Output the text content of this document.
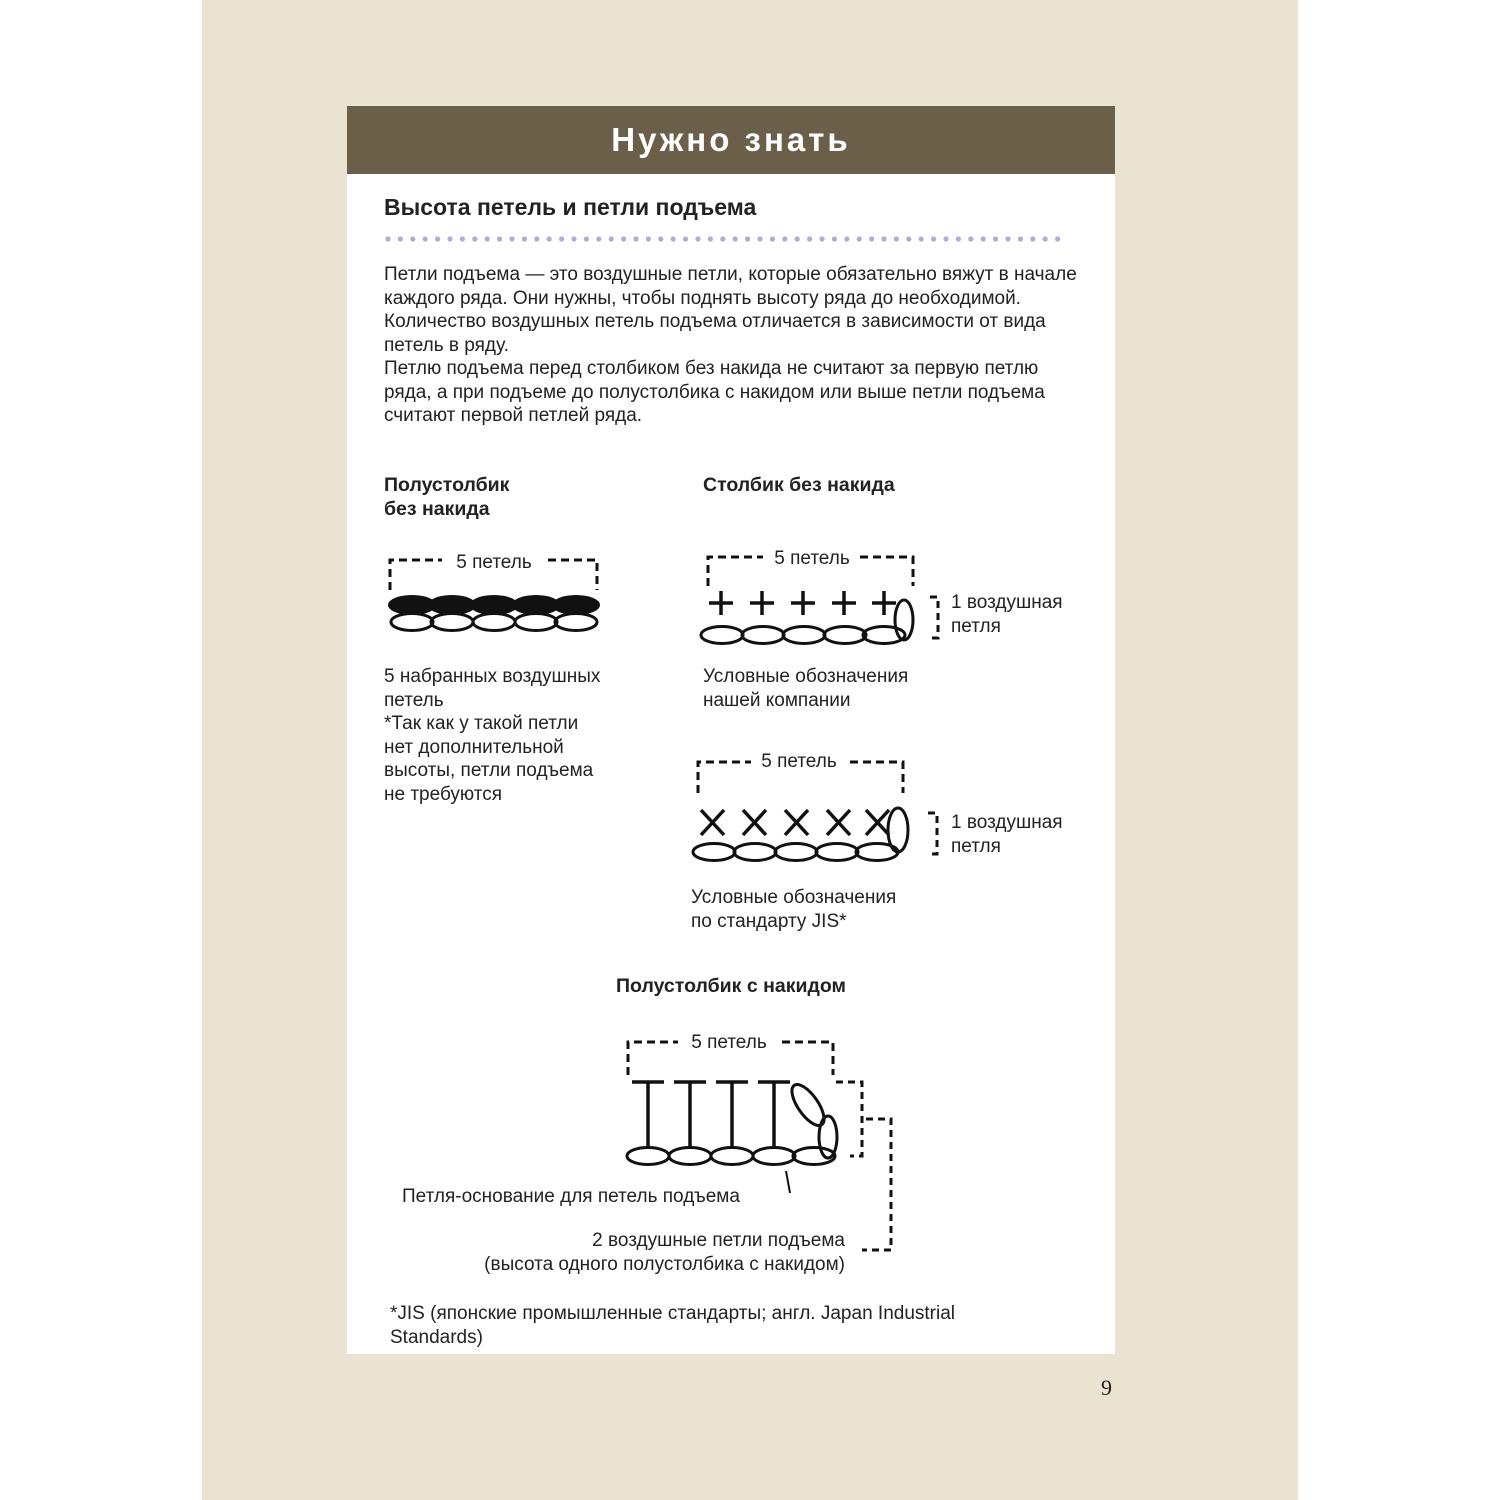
Нужно знать
Высота петель и петли подъема

Петли подъема — это воздушные петли, которые обязательно вяжут в начале каждого ряда. Они нужны, чтобы поднять высоту ряда до необходимой. Количество воздушных петель подъема отличается в зависимости от вида петель в ряду.

Петлю подъема перед столбиком без накида не считают за первую петлю ряда, а при подъеме до полустолбика с накидом или выше петли подъема считают первой петлей ряда.

Полустолбик
без накида
5 петель
5 набранных воздушных
петель
*Так как у такой петли
нет дополнительной
высоты, петли подъема
не требуются
Столбик без накида
5 петель
1 воздушная
петля
Условные обозначения
нашей компании
5 петель
1 воздушная
петля
Условные обозначения
по стандарту JIS*
Полустолбик с накидом
5 петель
Петля-основание для петель подъема
2 воздушные петли подъема
(высота одного полустолбика с накидом)
*JIS (японские промышленные стандарты; англ. Japan Industrial
Standards)
9
